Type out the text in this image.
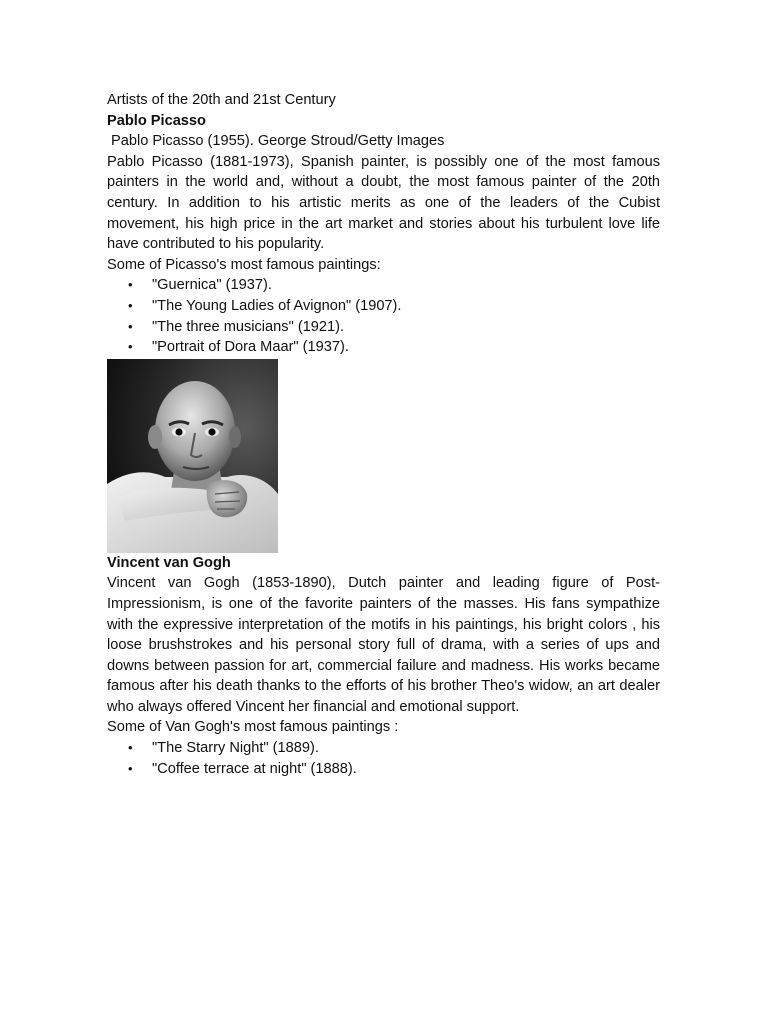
Artists of the 20th and 21st Century

Pablo Picasso

Pablo Picasso (1955). George Stroud/Getty Images

Pablo Picasso (1881-1973), Spanish painter, is possibly one of the most famous painters in the world and, without a doubt, the most famous painter of the 20th century. In addition to his artistic merits as one of the leaders of the Cubist movement, his high price in the art market and stories about his turbulent love life have contributed to his popularity.

Some of Picasso's most famous paintings:

• "Guernica" (1937).
• "The Young Ladies of Avignon" (1907).
• "The three musicians" (1921).
• "Portrait of Dora Maar" (1937).

Vincent van Gogh

Vincent van Gogh (1853-1890), Dutch painter and leading figure of Post-Impressionism, is one of the favorite painters of the masses. His fans sympathize with the expressive interpretation of the motifs in his paintings, his bright colors , his loose brushstrokes and his personal story full of drama, with a series of ups and downs between passion for art, commercial failure and madness. His works became famous after his death thanks to the efforts of his brother Theo's widow, an art dealer who always offered Vincent her financial and emotional support.

Some of Van Gogh's most famous paintings :

• "The Starry Night" (1889).
• "Coffee terrace at night" (1888).
